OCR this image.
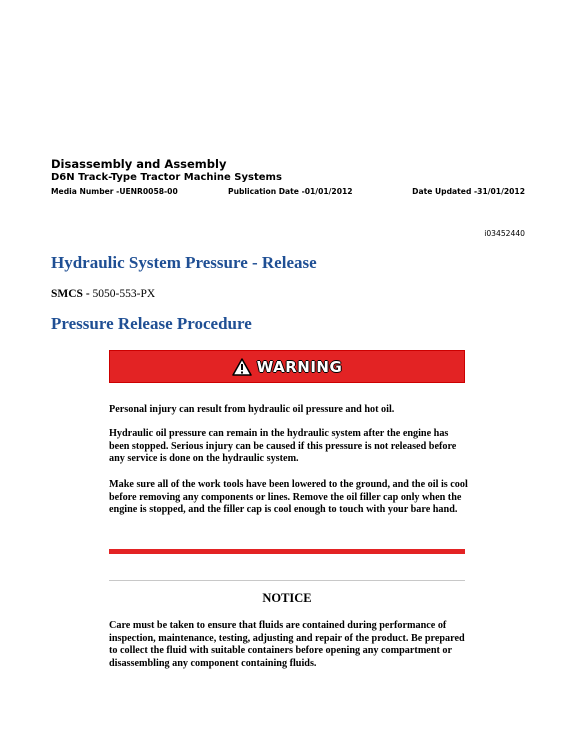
Disassembly and Assembly
D6N Track-Type Tractor Machine Systems
Media Number -UENR0058-00	Publication Date -01/01/2012	Date Updated -31/01/2012
i03452440
Hydraulic System Pressure - Release
SMCS - 5050-553-PX
Pressure Release Procedure
WARNING

Personal injury can result from hydraulic oil pressure and hot oil.

Hydraulic oil pressure can remain in the hydraulic system after the engine has been stopped. Serious injury can be caused if this pressure is not released before any service is done on the hydraulic system.

Make sure all of the work tools have been lowered to the ground, and the oil is cool before removing any components or lines. Remove the oil filler cap only when the engine is stopped, and the filler cap is cool enough to touch with your bare hand.

NOTICE

Care must be taken to ensure that fluids are contained during performance of inspection, maintenance, testing, adjusting and repair of the product. Be prepared to collect the fluid with suitable containers before opening any compartment or disassembling any component containing fluids.
